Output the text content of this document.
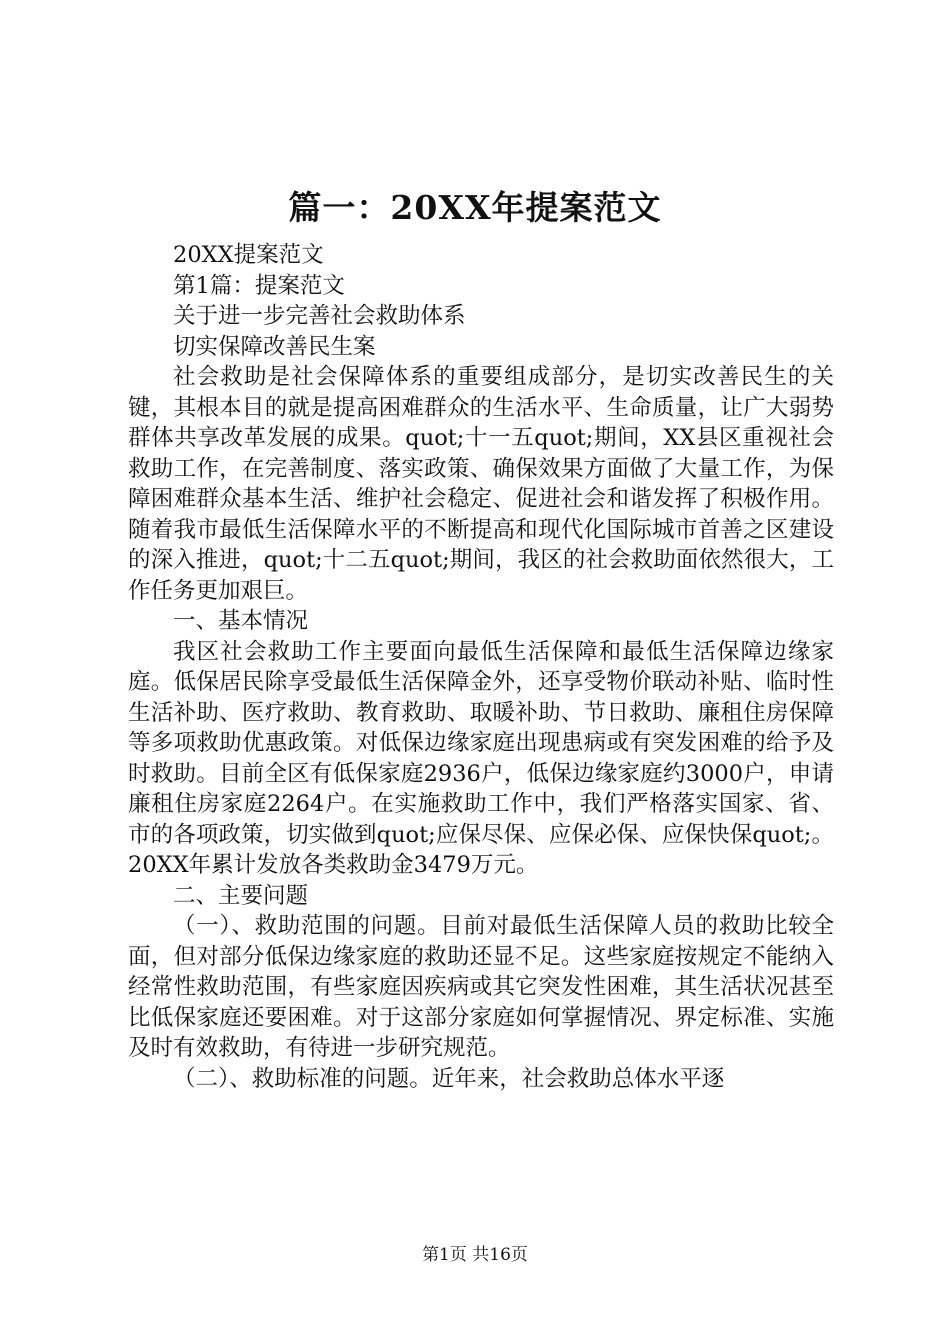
篇一：20XX年提案范文

20XX提案范文

第1篇：提案范文

关于进一步完善社会救助体系

切实保障改善民生案

社会救助是社会保障体系的重要组成部分，是切实改善民生的关键，其根本目的就是提高困难群众的生活水平、生命质量，让广大弱势群体共享改革发展的成果。quot;十一五quot;期间，XX县区重视社会救助工作，在完善制度、落实政策、确保效果方面做了大量工作，为保障困难群众基本生活、维护社会稳定、促进社会和谐发挥了积极作用。随着我市最低生活保障水平的不断提高和现代化国际城市首善之区建设的深入推进，quot;十二五quot;期间，我区的社会救助面依然很大，工作任务更加艰巨。

一、基本情况

我区社会救助工作主要面向最低生活保障和最低生活保障边缘家庭。低保居民除享受最低生活保障金外，还享受物价联动补贴、临时性生活补助、医疗救助、教育救助、取暖补助、节日救助、廉租住房保障等多项救助优惠政策。对低保边缘家庭出现患病或有突发困难的给予及时救助。目前全区有低保家庭2936户，低保边缘家庭约3000户，申请廉租住房家庭2264户。在实施救助工作中，我们严格落实国家、省、市的各项政策，切实做到quot;应保尽保、应保必保、应保快保quot;。20XX年累计发放各类救助金3479万元。

二、主要问题

（一）、救助范围的问题。目前对最低生活保障人员的救助比较全面，但对部分低保边缘家庭的救助还显不足。这些家庭按规定不能纳入经常性救助范围，有些家庭因疾病或其它突发性困难，其生活状况甚至比低保家庭还要困难。对于这部分家庭如何掌握情况、界定标准、实施及时有效救助，有待进一步研究规范。

（二）、救助标准的问题。近年来，社会救助总体水平逐

第1页 共16页
